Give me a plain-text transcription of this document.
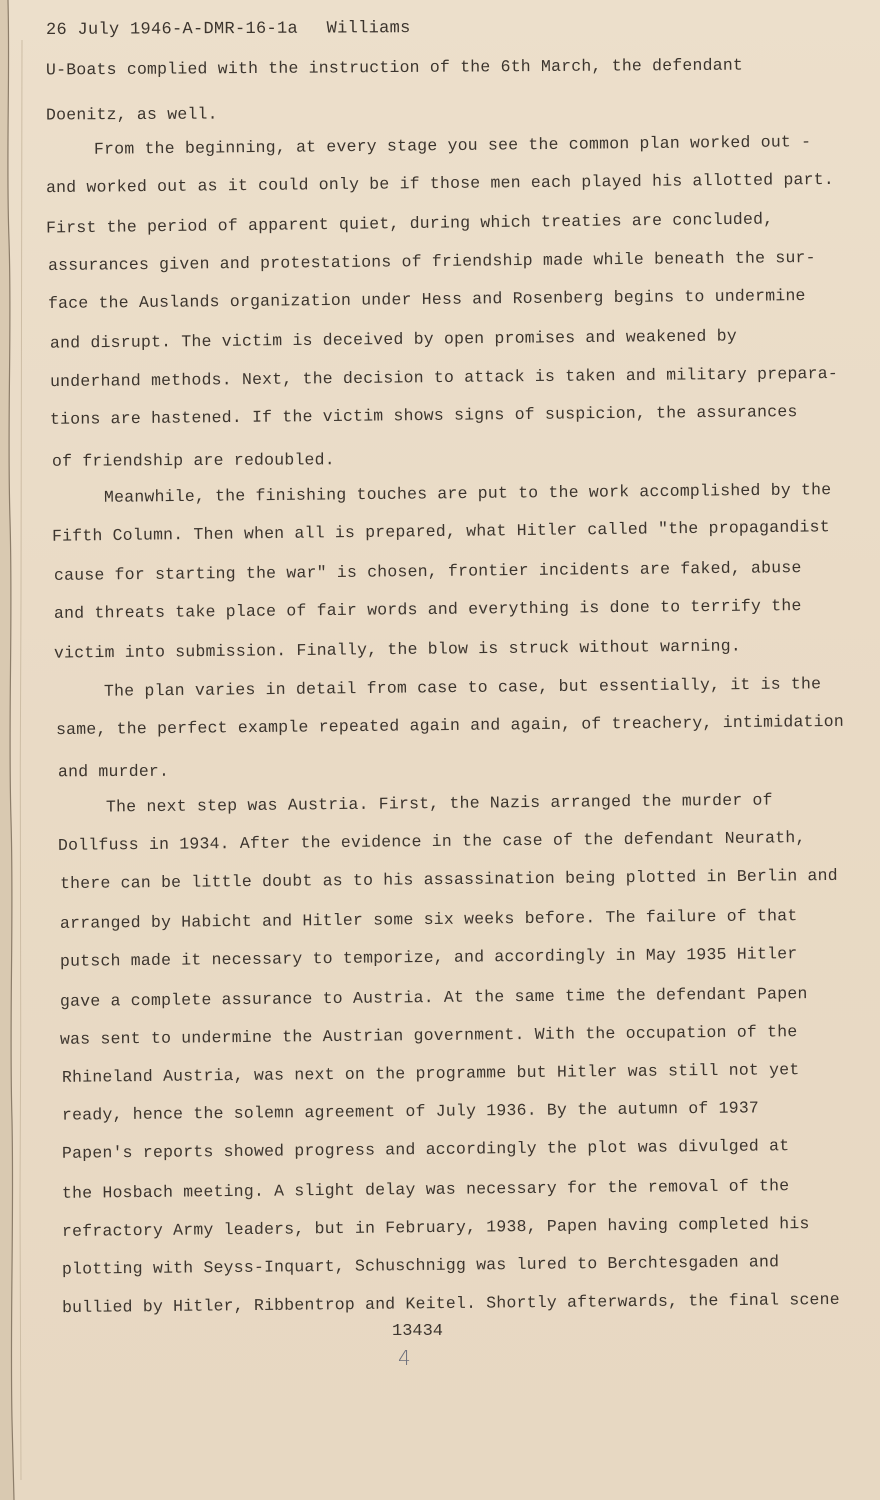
26 July 1946-A-DMR-16-1a Williams
U-Boats complied with the instruction of the 6th March, the defendant
Doenitz, as well.
From the beginning, at every stage you see the common plan worked out -
and worked out as it could only be if those men each played his allotted part.
First the period of apparent quiet, during which treaties are concluded,
assurances given and protestations of friendship made while beneath the sur-
face the Auslands organization under Hess and Rosenberg begins to undermine
and disrupt. The victim is deceived by open promises and weakened by
underhand methods. Next, the decision to attack is taken and military prepara-
tions are hastened. If the victim shows signs of suspicion, the assurances
of friendship are redoubled.
Meanwhile, the finishing touches are put to the work accomplished by the
Fifth Column. Then when all is prepared, what Hitler called "the propagandist
cause for starting the war" is chosen, frontier incidents are faked, abuse
and threats take place of fair words and everything is done to terrify the
victim into submission. Finally, the blow is struck without warning.
The plan varies in detail from case to case, but essentially, it is the
same, the perfect example repeated again and again, of treachery, intimidation
and murder.
The next step was Austria. First, the Nazis arranged the murder of
Dollfuss in 1934. After the evidence in the case of the defendant Neurath,
there can be little doubt as to his assassination being plotted in Berlin and
arranged by Habicht and Hitler some six weeks before. The failure of that
putsch made it necessary to temporize, and accordingly in May 1935 Hitler
gave a complete assurance to Austria. At the same time the defendant Papen
was sent to undermine the Austrian government. With the occupation of the
Rhineland Austria, was next on the programme but Hitler was still not yet
ready, hence the solemn agreement of July 1936. By the autumn of 1937
Papen's reports showed progress and accordingly the plot was divulged at
the Hosbach meeting. A slight delay was necessary for the removal of the
refractory Army leaders, but in February, 1938, Papen having completed his
plotting with Seyss-Inquart, Schuschnigg was lured to Berchtesgaden and
bullied by Hitler, Ribbentrop and Keitel. Shortly afterwards, the final scene
13434
4
